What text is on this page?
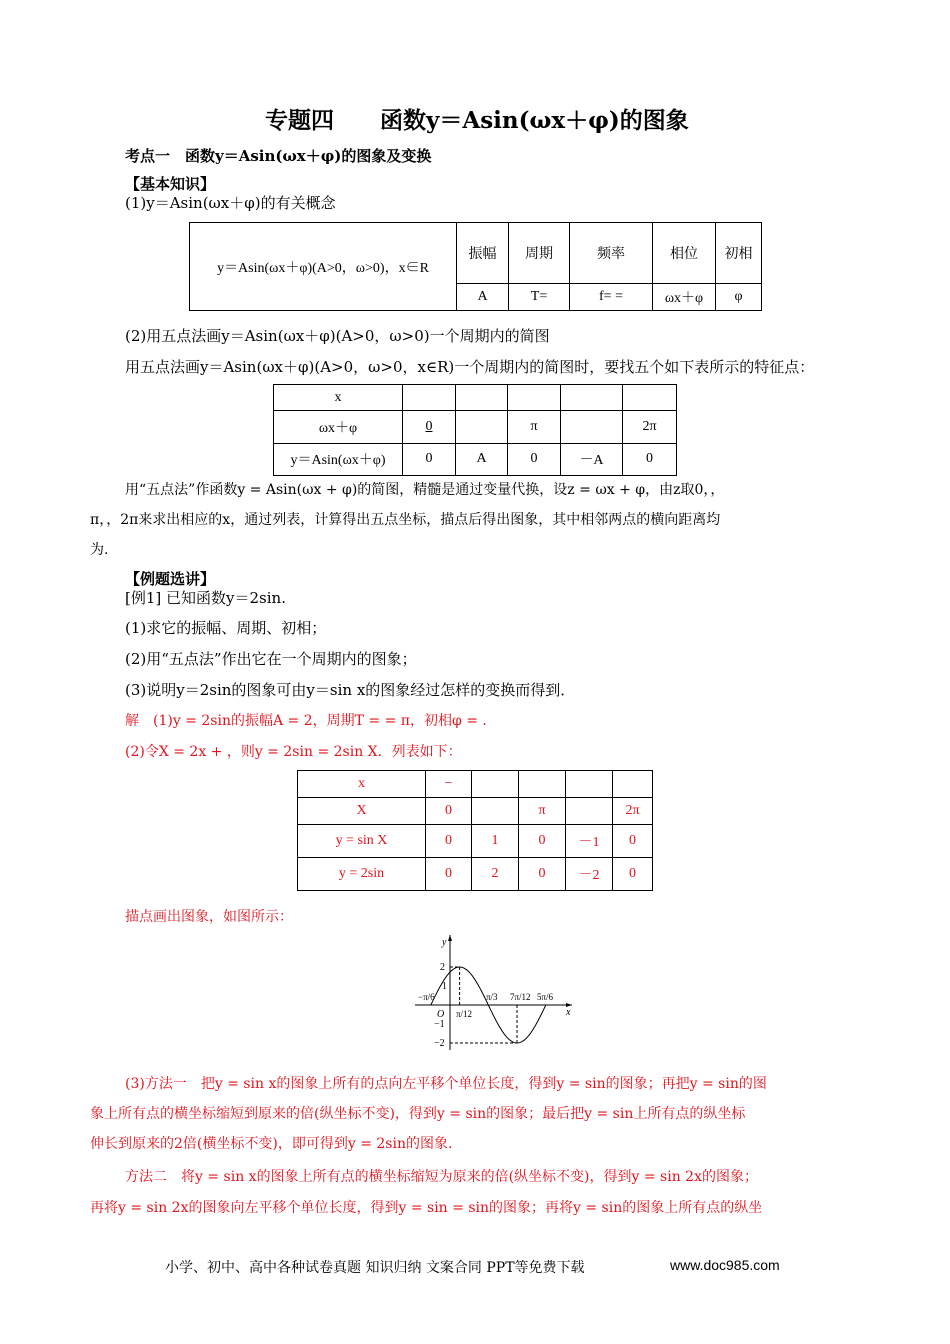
专题四　　函数y＝Asin(ωx＋φ)的图象
考点一　函数y＝Asin(ωx＋φ)的图象及变换
【基本知识】
(1)y＝Asin(ωx＋φ)的有关概念
y＝Asin(ωx＋φ)(A>0，ω>0)，x∈R	振幅	周期	频率	相位	初相
	A	T=	f= =	ωx＋φ	φ
(2)用五点法画y＝Asin(ωx＋φ)(A>0，ω>0)一个周期内的简图
用五点法画y＝Asin(ωx＋φ)(A>0，ω>0，x∈R)一个周期内的简图时，要找五个如下表所示的特征点：
x					
ωx＋φ	0		π		2π
y＝Asin(ωx＋φ)	0	A	0	－A	0
用“五点法”作函数y = Asin(ωx + φ)的简图，精髓是通过变量代换，设z = ωx + φ，由z取0，，
π，，2π来求出相应的x，通过列表，计算得出五点坐标，描点后得出图象，其中相邻两点的横向距离均
为.
【例题选讲】
[例1] 已知函数y＝2sin.
(1)求它的振幅、周期、初相；
(2)用“五点法”作出它在一个周期内的图象；
(3)说明y＝2sin的图象可由y＝sin x的图象经过怎样的变换而得到．
解　(1)y = 2sin的振幅A = 2，周期T = = π，初相φ = .
(2)令X = 2x + ，则y = 2sin = 2sin X．列表如下：
x	−				
X	0		π		2π
y = sin X	0	1	0	－1	0
y = 2sin	0	2	0	－2	0
描点画出图象，如图所示：
y
x
O
2
1
−1
−2
−π/6
π/12
π/3 7π/12 5π/6
(3)方法一　把y = sin x的图象上所有的点向左平移个单位长度，得到y = sin的图象；再把y = sin的图
象上所有点的横坐标缩短到原来的倍(纵坐标不变)，得到y = sin的图象；最后把y = sin上所有点的纵坐标
伸长到原来的2倍(横坐标不变)，即可得到y = 2sin的图象.
方法二　将y = sin x的图象上所有点的横坐标缩短为原来的倍(纵坐标不变)，得到y = sin 2x的图象；
再将y = sin 2x的图象向左平移个单位长度，得到y = sin = sin的图象；再将y = sin的图象上所有点的纵坐
小学、初中、高中各种试卷真题 知识归纳 文案合同 PPT等免费下载	www.doc985.com
